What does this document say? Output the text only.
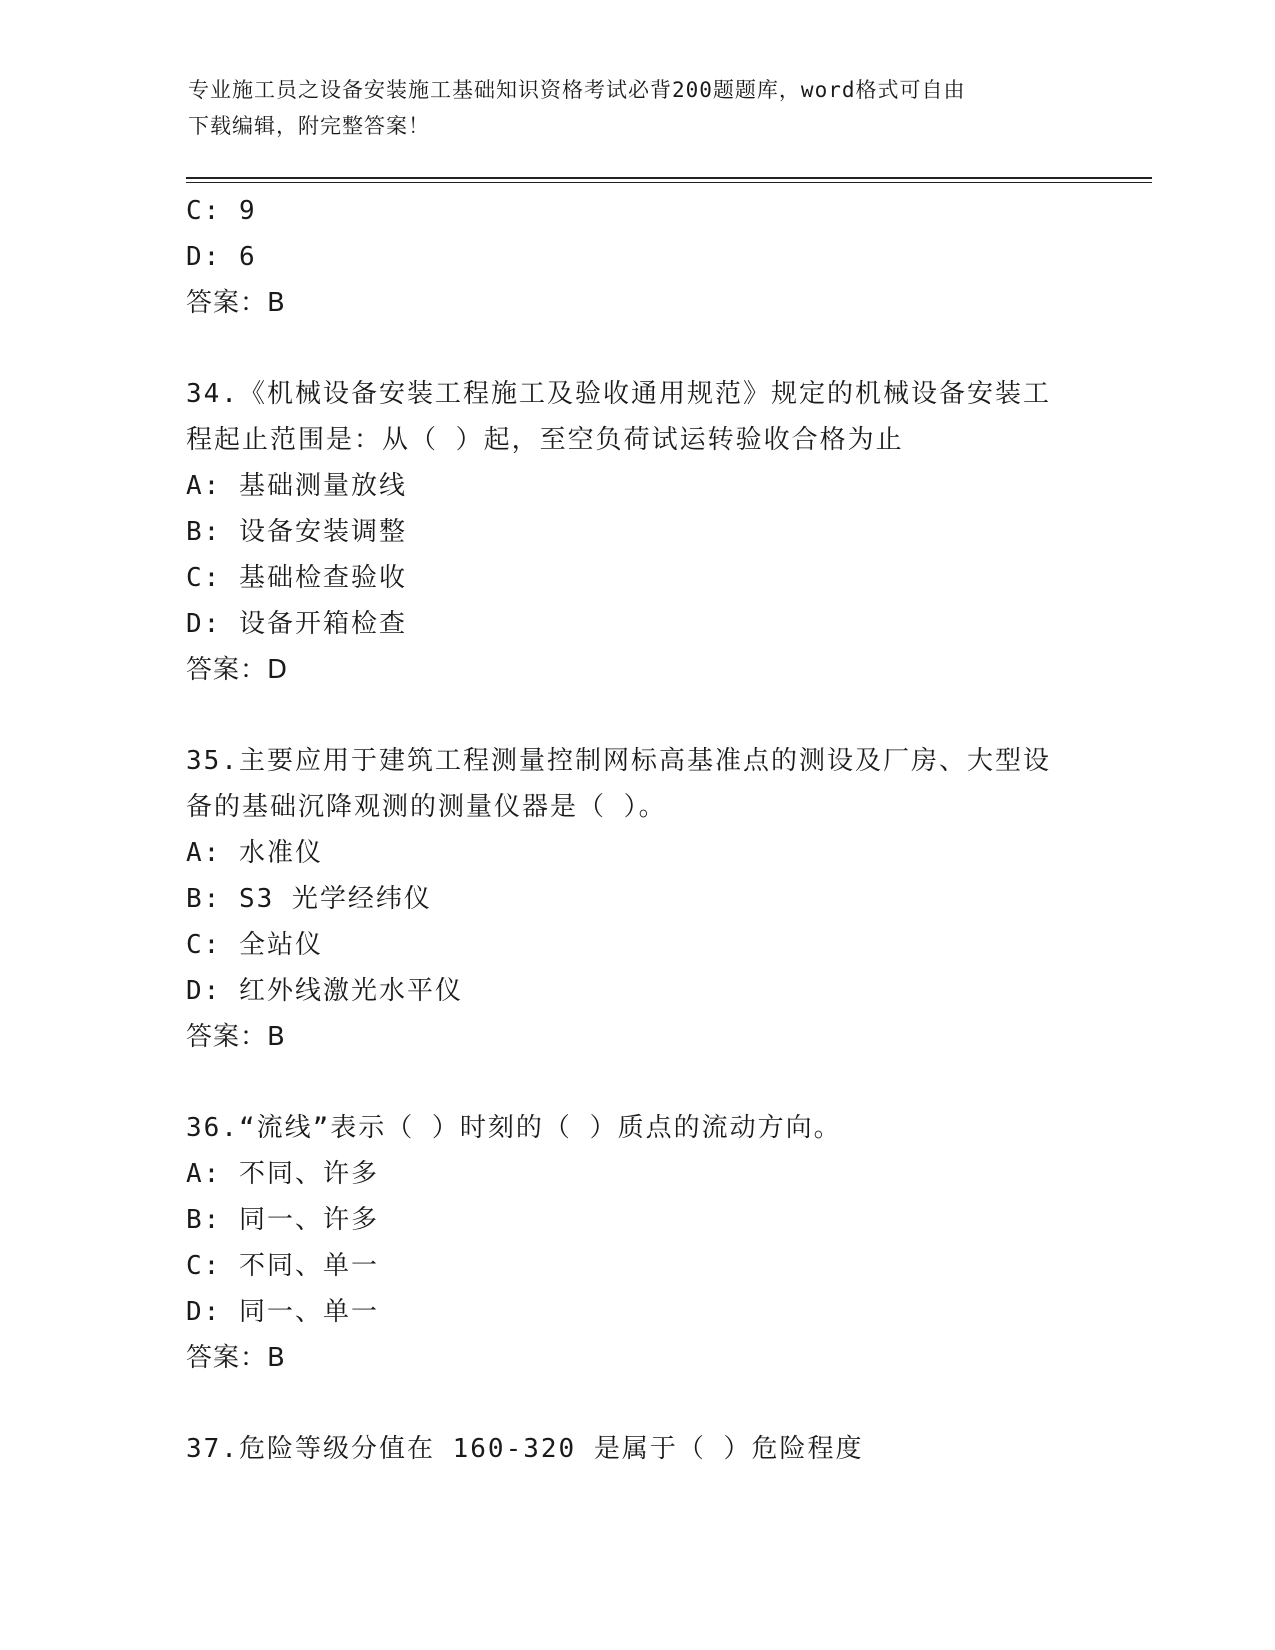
专业施工员之设备安装施工基础知识资格考试必背200题题库，word格式可自由
下载编辑，附完整答案！
C: 9
D: 6
答案：B
34.《机械设备安装工程施工及验收通用规范》规定的机械设备安装工
程起止范围是：从（ ）起，至空负荷试运转验收合格为止
A: 基础测量放线
B: 设备安装调整
C: 基础检查验收
D: 设备开箱检查
答案：D
35.主要应用于建筑工程测量控制网标高基准点的测设及厂房、大型设
备的基础沉降观测的测量仪器是（ ）。
A: 水准仪
B: S3 光学经纬仪
C: 全站仪
D: 红外线激光水平仪
答案：B
36.“流线”表示（ ）时刻的（ ）质点的流动方向。
A: 不同、许多
B: 同一、许多
C: 不同、单一
D: 同一、单一
答案：B
37.危险等级分值在 160-320 是属于（ ）危险程度
